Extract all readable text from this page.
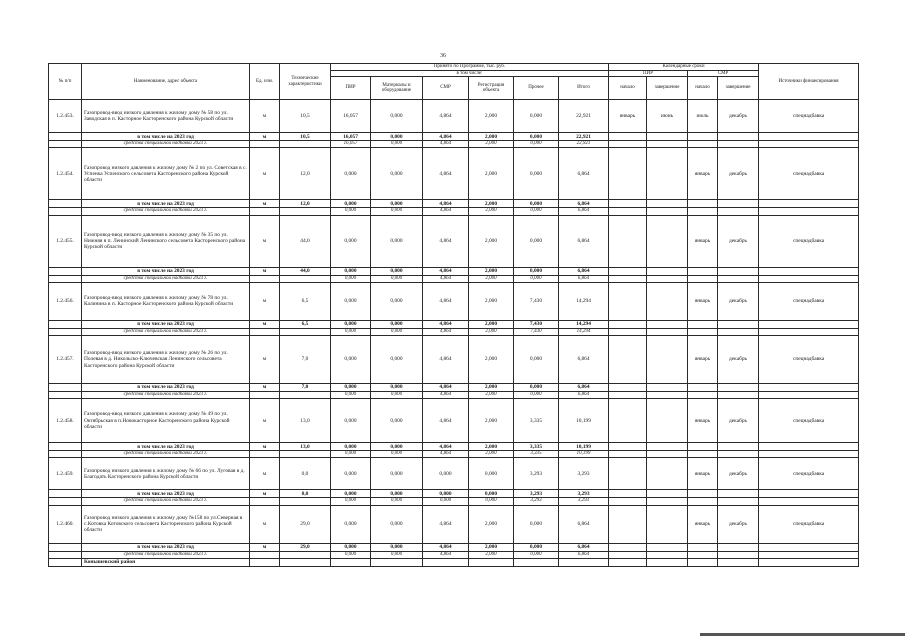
36
№ п/п	Наименование, адрес объекта	Ед. изм.	Технические характеристики	Принято по Программе, тыс. руб.						Календарные сроки				Источники финансирования
				в том числе:						ПИР		СМР		
				ПИР	Материалы и оборудование	СМР	Регистрация объекта	Прочее	Итого	начало	завершение	начало	завершение	
1.2.453.	Газопровод-ввод низкого давления к жилому дому № 58 по ул. Заводская в п. Касторное Касторенского района Курской области	м	10,5	16,057	0,000	4,864	2,000	0,000	22,921	январь	июнь	июль	декабрь	спецнадбавка
	в том числе на 2023 год	м	10,5	16,057	0,000	4,864	2,000	0,000	22,921					
	средства специальной надбавки 2023 г.			16,057	0,000	4,864	2,000	0,000	22,921					
1.2.454.	Газопровод низкого давления к жилому дому № 2 по ул. Советская в с. Успенка Успенского сельсовета Касторенского района Курской области	м	12,0	0,000	0,000	4,864	2,000	0,000	6,864			январь	декабрь	спецнадбавка
	в том числе на 2023 год	м	12,0	0,000	0,000	4,864	2,000	0,000	6,864					
	средства специальной надбавки 2023 г.			0,000	0,000	4,864	2,000	0,000	6,864					
1.2.455.	Газопровод-ввод низкого давления к жилому дому № 35 по ул. Нижняя в п. Ленинский Ленинского сельсовета Касторенского района Курской области	м	44,0	0,000	0,000	4,864	2,000	0,000	6,864			январь	декабрь	спецнадбавка
	в том числе на 2023 год	м	44,0	0,000	0,000	4,864	2,000	0,000	6,864					
	средства специальной надбавки 2023 г.			0,000	0,000	4,864	2,000	0,000	6,864					
1.2.456.	Газопровод-ввод низкого давления к жилому дому № 78 по ул. Калинина в п. Касторное Касторенского района Курской области	м	6,5	0,000	0,000	4,864	2,000	7,430	14,294			январь	декабрь	спецнадбавка
	в том числе на 2023 год	м	6,5	0,000	0,000	4,864	2,000	7,430	14,294					
	средства специальной надбавки 2023 г.			0,000	0,000	4,864	2,000	7,430	14,294					
1.2.457.	Газопровод-ввод низкого давления к жилому дому № 26 по ул. Полевая в д. Никольско-Ключевская Ленинского сельсовета Касторенского района Курской области	м	7,0	0,000	0,000	4,864	2,000	0,000	6,864			январь	декабрь	спецнадбавка
	в том числе на 2023 год	м	7,0	0,000	0,000	4,864	2,000	0,000	6,864					
	средства специальной надбавки 2023 г.			0,000	0,000	4,864	2,000	0,000	6,864					
1.2.458.	Газопровод-ввод низкого давления к жилому дому № 49 по ул. Октябрьская в п.Новокасторное Касторенского района Курской области	м	13,0	0,000	0,000	4,864	2,000	3,335	10,199			январь	декабрь	спецнадбавка
	в том числе на 2023 год	м	13,0	0,000	0,000	4,864	2,000	3,335	10,199					
	средства специальной надбавки 2023 г.			0,000	0,000	4,864	2,000	3,335	10,199					
1.2.459.	Газопровод низкого давления к жилому дому № 66 по ул. Луговая в д. Благодать Касторенского района Курской области	м	0,0	0,000	0,000	0,000	0,000	3,293	3,293			январь	декабрь	спецнадбавка
	в том числе на 2023 год	м	0,0	0,000	0,000	0,000	0,000	3,293	3,293					
	средства специальной надбавки 2023 г.			0,000	0,000	0,000	0,000	3,293	3,293					
1.2.460.	Газопровод низкого давления к жилому дому №158 по ул.Северная в с.Котовка Котовского сельсовета Касторенского района Курской области	м	29,0	0,000	0,000	4,864	2,000	0,000	6,864			январь	декабрь	спецнадбавка
	в том числе на 2023 год	м	29,0	0,000	0,000	4,864	2,000	0,000	6,864					
	средства специальной надбавки 2023 г.			0,000	0,000	4,864	2,000	0,000	6,864					
	Конышевский район													
